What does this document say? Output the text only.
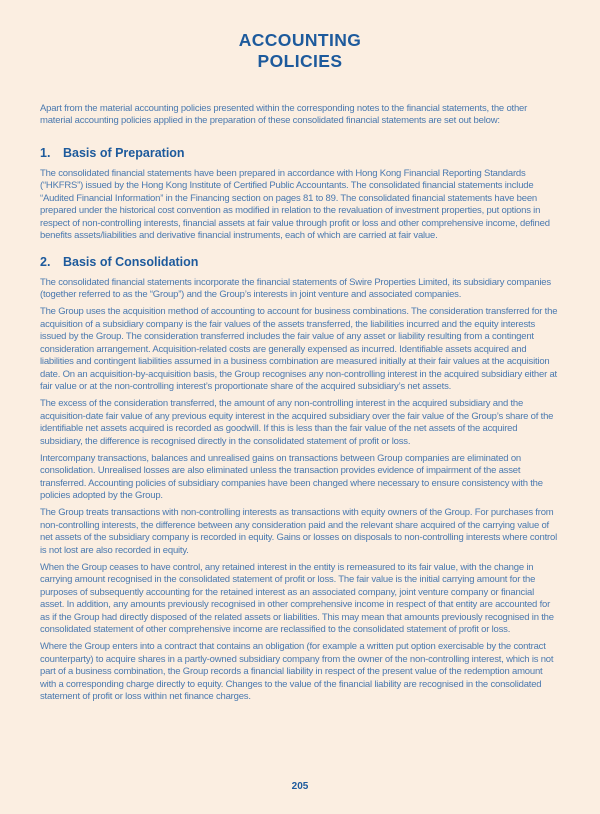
ACCOUNTING
POLICIES

Apart from the material accounting policies presented within the corresponding notes to the financial statements, the other material accounting policies applied in the preparation of these consolidated financial statements are set out below:

1.	Basis of Preparation

The consolidated financial statements have been prepared in accordance with Hong Kong Financial Reporting Standards (“HKFRS”) issued by the Hong Kong Institute of Certified Public Accountants. The consolidated financial statements include “Audited Financial Information” in the Financing section on pages 81 to 89. The consolidated financial statements have been prepared under the historical cost convention as modified in relation to the revaluation of investment properties, put options in respect of non-controlling interests, financial assets at fair value through profit or loss and other comprehensive income, defined benefits assets/liabilities and derivative financial instruments, each of which are carried at fair value.

2.	Basis of Consolidation

The consolidated financial statements incorporate the financial statements of Swire Properties Limited, its subsidiary companies (together referred to as the “Group”) and the Group’s interests in joint venture and associated companies.

The Group uses the acquisition method of accounting to account for business combinations. The consideration transferred for the acquisition of a subsidiary company is the fair values of the assets transferred, the liabilities incurred and the equity interests issued by the Group. The consideration transferred includes the fair value of any asset or liability resulting from a contingent consideration arrangement. Acquisition-related costs are generally expensed as incurred. Identifiable assets acquired and liabilities and contingent liabilities assumed in a business combination are measured initially at their fair values at the acquisition date. On an acquisition-by-acquisition basis, the Group recognises any non-controlling interest in the acquired subsidiary either at fair value or at the non-controlling interest’s proportionate share of the acquired subsidiary’s net assets.

The excess of the consideration transferred, the amount of any non-controlling interest in the acquired subsidiary and the acquisition-date fair value of any previous equity interest in the acquired subsidiary over the fair value of the Group’s share of the identifiable net assets acquired is recorded as goodwill. If this is less than the fair value of the net assets of the acquired subsidiary, the difference is recognised directly in the consolidated statement of profit or loss.

Intercompany transactions, balances and unrealised gains on transactions between Group companies are eliminated on consolidation. Unrealised losses are also eliminated unless the transaction provides evidence of impairment of the asset transferred. Accounting policies of subsidiary companies have been changed where necessary to ensure consistency with the policies adopted by the Group.

The Group treats transactions with non-controlling interests as transactions with equity owners of the Group. For purchases from non-controlling interests, the difference between any consideration paid and the relevant share acquired of the carrying value of net assets of the subsidiary company is recorded in equity. Gains or losses on disposals to non-controlling interests where control is not lost are also recorded in equity.

When the Group ceases to have control, any retained interest in the entity is remeasured to its fair value, with the change in carrying amount recognised in the consolidated statement of profit or loss. The fair value is the initial carrying amount for the purposes of subsequently accounting for the retained interest as an associated company, joint venture company or financial asset. In addition, any amounts previously recognised in other comprehensive income in respect of that entity are accounted for as if the Group had directly disposed of the related assets or liabilities. This may mean that amounts previously recognised in the consolidated statement of other comprehensive income are reclassified to the consolidated statement of profit or loss.

Where the Group enters into a contract that contains an obligation (for example a written put option exercisable by the contract counterparty) to acquire shares in a partly-owned subsidiary company from the owner of the non-controlling interest, which is not part of a business combination, the Group records a financial liability in respect of the present value of the redemption amount with a corresponding charge directly to equity. Changes to the value of the financial liability are recognised in the consolidated statement of profit or loss within net finance charges.

205
